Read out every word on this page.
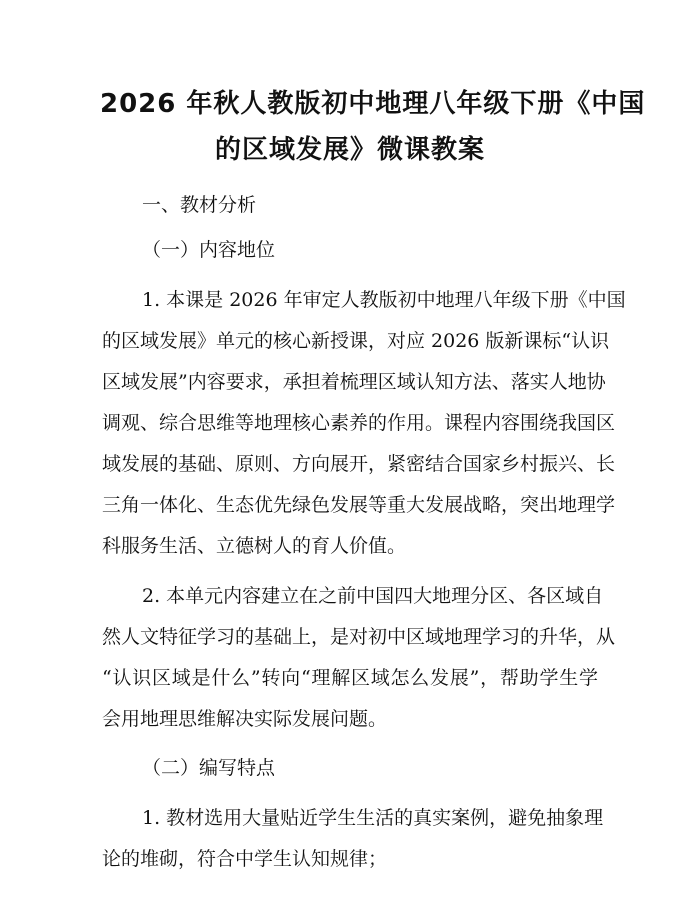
2026 年秋人教版初中地理八年级下册《中国
的区域发展》微课教案
一、教材分析
（一）内容地位
1. 本课是 2026 年审定人教版初中地理八年级下册《中国
的区域发展》单元的核心新授课，对应 2026 版新课标“认识
区域发展”内容要求，承担着梳理区域认知方法、落实人地协
调观、综合思维等地理核心素养的作用。课程内容围绕我国区
域发展的基础、原则、方向展开，紧密结合国家乡村振兴、长
三角一体化、生态优先绿色发展等重大发展战略，突出地理学
科服务生活、立德树人的育人价值。
2. 本单元内容建立在之前中国四大地理分区、各区域自
然人文特征学习的基础上，是对初中区域地理学习的升华，从
“认识区域是什么”转向“理解区域怎么发展”，帮助学生学
会用地理思维解决实际发展问题。
（二）编写特点
1. 教材选用大量贴近学生生活的真实案例，避免抽象理
论的堆砌，符合中学生认知规律；
